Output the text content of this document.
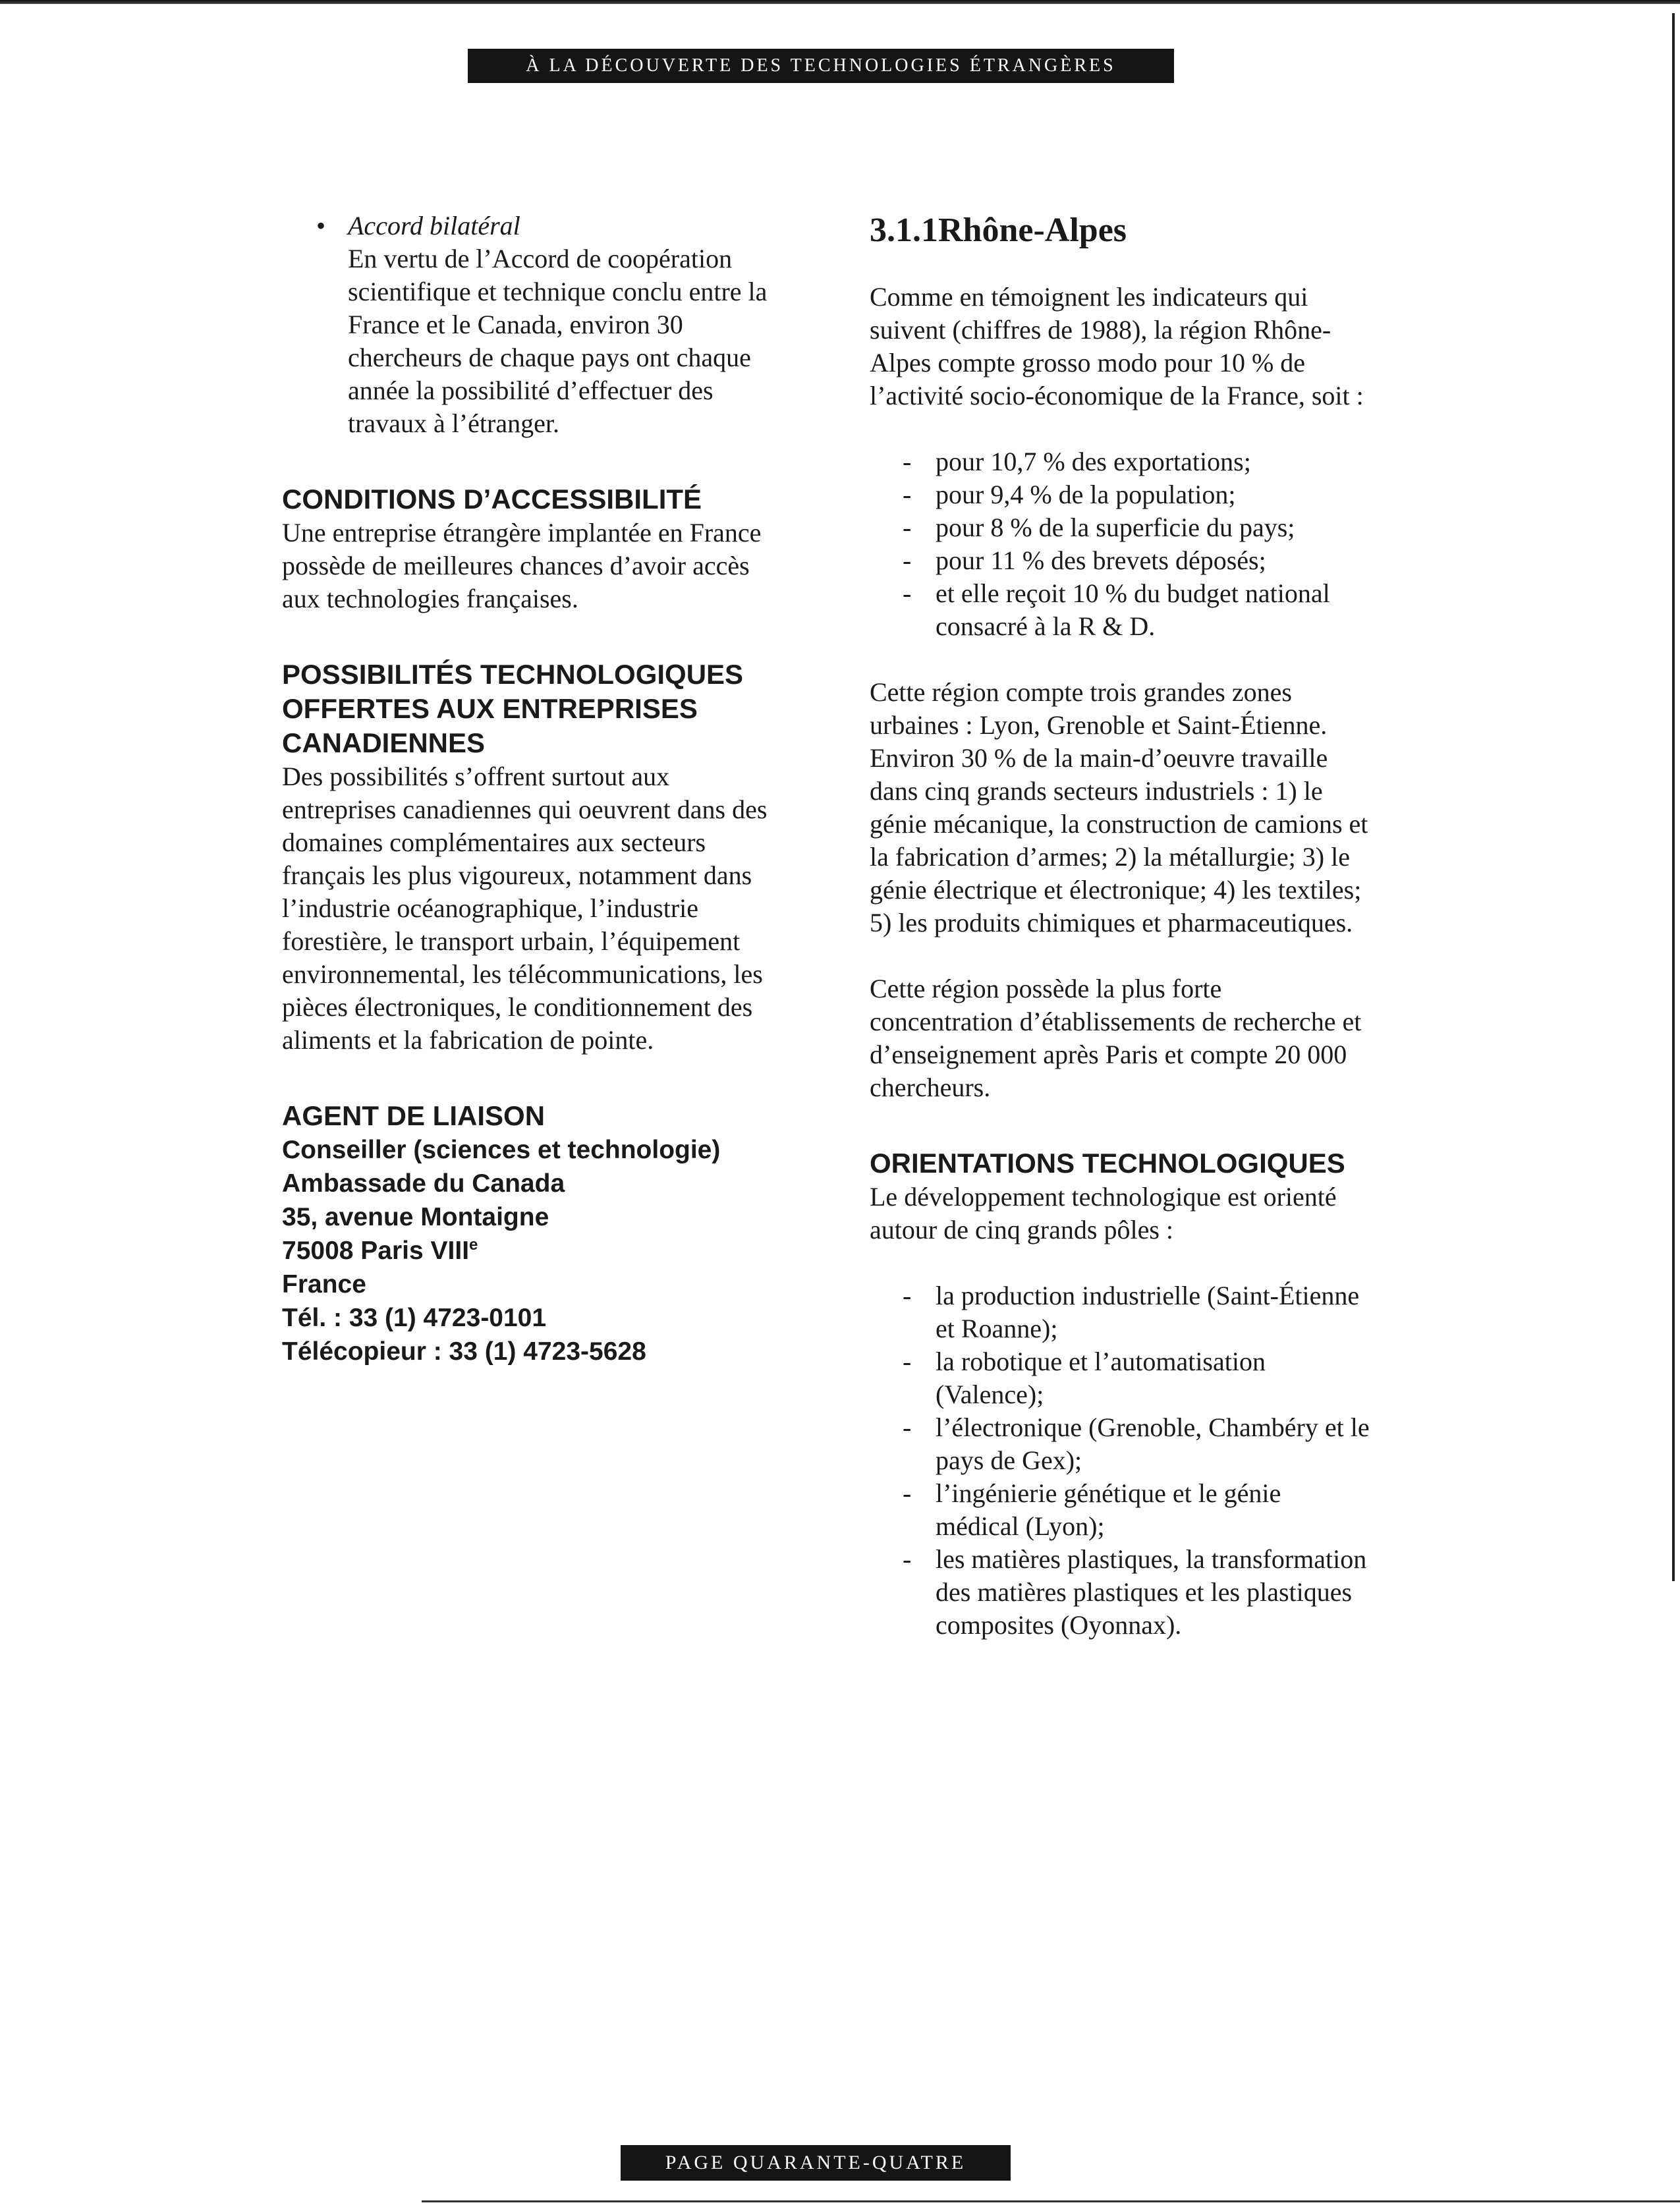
À LA DÉCOUVERTE DES TECHNOLOGIES ÉTRANGÈRES
• Accord bilatéral

En vertu de l’Accord de coopération scientifique et technique conclu entre la France et le Canada, environ 30 chercheurs de chaque pays ont chaque année la possibilité d’effectuer des travaux à l’étranger.

CONDITIONS D’ACCESSIBILITÉ

Une entreprise étrangère implantée en France possède de meilleures chances d’avoir accès aux technologies françaises.

POSSIBILITÉS TECHNOLOGIQUES OFFERTES AUX ENTREPRISES CANADIENNES

Des possibilités s’offrent surtout aux entreprises canadiennes qui oeuvrent dans des domaines complémentaires aux secteurs français les plus vigoureux, notamment dans l’industrie océanographique, l’industrie forestière, le transport urbain, l’équipement environnemental, les télécommunications, les pièces électroniques, le conditionnement des aliments et la fabrication de pointe.

AGENT DE LIAISON
Conseiller (sciences et technologie)
Ambassade du Canada
35, avenue Montaigne
75008 Paris VIIIe
France
Tél. : 33 (1) 4723-0101
Télécopieur : 33 (1) 4723-5628
3.1.1Rhône-Alpes

Comme en témoignent les indicateurs qui suivent (chiffres de 1988), la région Rhône-Alpes compte grosso modo pour 10 % de l’activité socio-économique de la France, soit :

- pour 10,7 % des exportations;
- pour 9,4 % de la population;
- pour 8 % de la superficie du pays;
- pour 11 % des brevets déposés;
- et elle reçoit 10 % du budget national consacré à la R & D.

Cette région compte trois grandes zones urbaines : Lyon, Grenoble et Saint-Étienne. Environ 30 % de la main-d’oeuvre travaille dans cinq grands secteurs industriels : 1) le génie mécanique, la construction de camions et la fabrication d’armes; 2) la métallurgie; 3) le génie électrique et électronique; 4) les textiles; 5) les produits chimiques et pharmaceutiques.

Cette région possède la plus forte concentration d’établissements de recherche et d’enseignement après Paris et compte 20 000 chercheurs.

ORIENTATIONS TECHNOLOGIQUES

Le développement technologique est orienté autour de cinq grands pôles :

- la production industrielle (Saint-Étienne et Roanne);
- la robotique et l’automatisation (Valence);
- l’électronique (Grenoble, Chambéry et le pays de Gex);
- l’ingénierie génétique et le génie médical (Lyon);
- les matières plastiques, la transformation des matières plastiques et les plastiques composites (Oyonnax).
PAGE QUARANTE-QUATRE
